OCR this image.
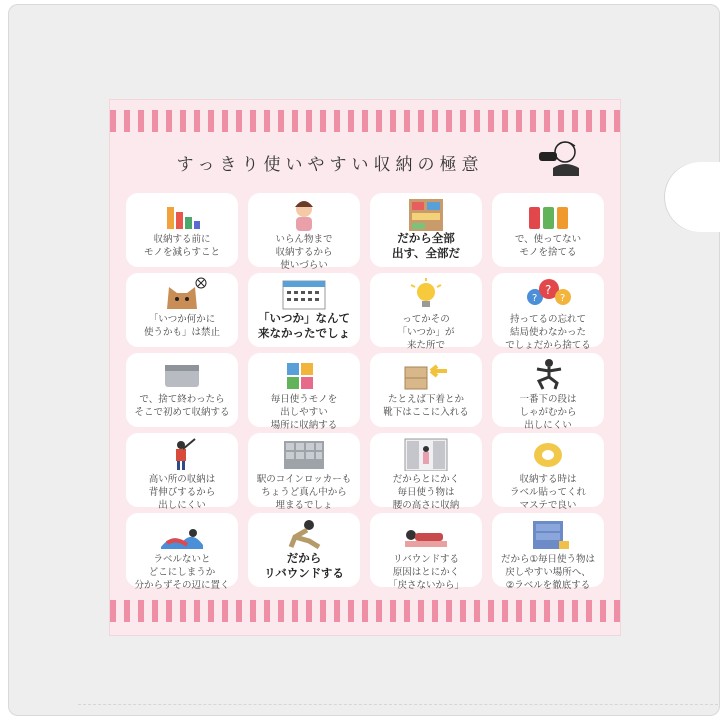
すっきり使いやすい収納の極意
収納する前に
モノを減らすこと
いらん物まで
収納するから
使いづらい
だから全部
出す、全部だ
で、使ってない
モノを捨てる
「いつか何かに
使うかも」は禁止
「いつか」なんて
来なかったでしょ
ってかその
「いつか」が
来た所で
?
?
?
持ってるの忘れて
結局使わなかった
でしょだから捨てる
で、捨て終わったら
そこで初めて収納する
毎日使うモノを
出しやすい
場所に収納する
たとえば下着とか
靴下はここに入れる
一番下の段は
しゃがむから
出しにくい
高い所の収納は
背伸びするから
出しにくい
駅のコインロッカーも
ちょうど真ん中から
埋まるでしょ
だからとにかく
毎日使う物は
腰の高さに収納
収納する時は
ラベル貼ってくれ
マステで良い
ラベルないと
どこにしまうか
分からずその辺に置く
だから
リバウンドする
リバウンドする
原因はとにかく
「戻さないから」
だから①毎日使う物は
戻しやすい場所へ、
②ラベルを徹底する
